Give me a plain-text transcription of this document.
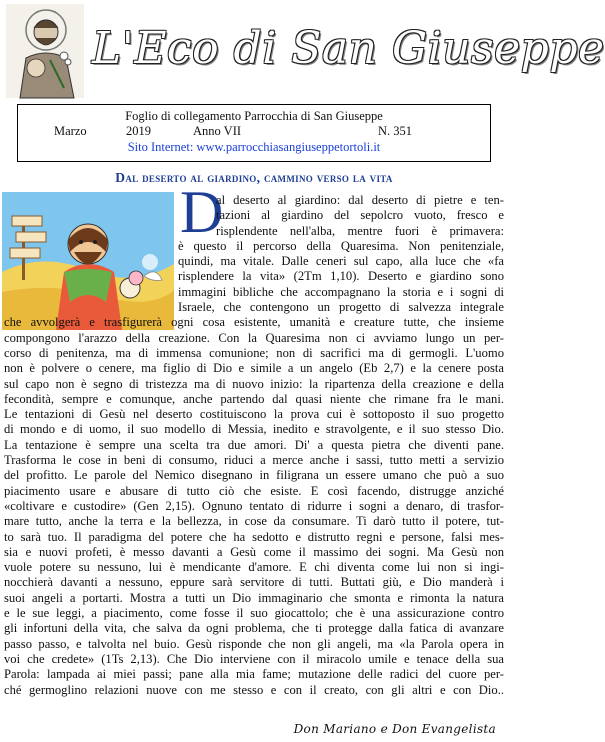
L'Eco di San Giuseppe
Foglio di collegamento Parrocchia di San Giuseppe
Marzo	2019	Anno VII	N. 351
Sito Internet: www.parrocchiasangiuseppetortoli.it
Dal deserto al giardino, cammino verso la vita
D
al deserto al giardino: dal deserto di pietre e ten-
tazioni al giardino del sepolcro vuoto, fresco e
risplendente nell'alba, mentre fuori è primavera:
è questo il percorso della Quaresima. Non penitenziale,
quindi, ma vitale. Dalle ceneri sul capo, alla luce che «fa
risplendere la vita» (2Tm 1,10). Deserto e giardino sono
immagini bibliche che accompagnano la storia e i sogni di
Israele, che contengono un progetto di salvezza integrale
che avvolgerà e trasfigurerà ogni cosa esistente, umanità e creature tutte, che insieme
compongono l'arazzo della creazione. Con la Quaresima non ci avviamo lungo un per-
corso di penitenza, ma di immensa comunione; non di sacrifici ma di germogli. L'uomo
non è polvere o cenere, ma figlio di Dio e simile a un angelo (Eb 2,7) e la cenere posta
sul capo non è segno di tristezza ma di nuovo inizio: la ripartenza della creazione e della
fecondità, sempre e comunque, anche partendo dal quasi niente che rimane fra le mani.
Le tentazioni di Gesù nel deserto costituiscono la prova cui è sottoposto il suo progetto
di mondo e di uomo, il suo modello di Messia, inedito e stravolgente, e il suo stesso Dio.
La tentazione è sempre una scelta tra due amori. Di' a questa pietra che diventi pane.
Trasforma le cose in beni di consumo, riduci a merce anche i sassi, tutto metti a servizio
del profitto. Le parole del Nemico disegnano in filigrana un essere umano che può a suo
piacimento usare e abusare di tutto ciò che esiste. E così facendo, distrugge anziché
«coltivare e custodire» (Gen 2,15). Ognuno tentato di ridurre i sogni a denaro, di trasfor-
mare tutto, anche la terra e la bellezza, in cose da consumare. Ti darò tutto il potere, tut-
to sarà tuo. Il paradigma del potere che ha sedotto e distrutto regni e persone, falsi mes-
sia e nuovi profeti, è messo davanti a Gesù come il massimo dei sogni. Ma Gesù non
vuole potere su nessuno, lui è mendicante d'amore. E chi diventa come lui non si ingi-
nocchierà davanti a nessuno, eppure sarà servitore di tutti. Buttati giù, e Dio manderà i
suoi angeli a portarti. Mostra a tutti un Dio immaginario che smonta e rimonta la natura
e le sue leggi, a piacimento, come fosse il suo giocattolo; che è una assicurazione contro
gli infortuni della vita, che salva da ogni problema, che ti protegge dalla fatica di avanzare
passo passo, e talvolta nel buio. Gesù risponde che non gli angeli, ma «la Parola opera in
voi che credete» (1Ts 2,13). Che Dio interviene con il miracolo umile e tenace della sua
Parola: lampada ai miei passi; pane alla mia fame; mutazione delle radici del cuore per-
ché germoglino relazioni nuove con me stesso e con il creato, con gli altri e con Dio..
Don Mariano e Don Evangelista
